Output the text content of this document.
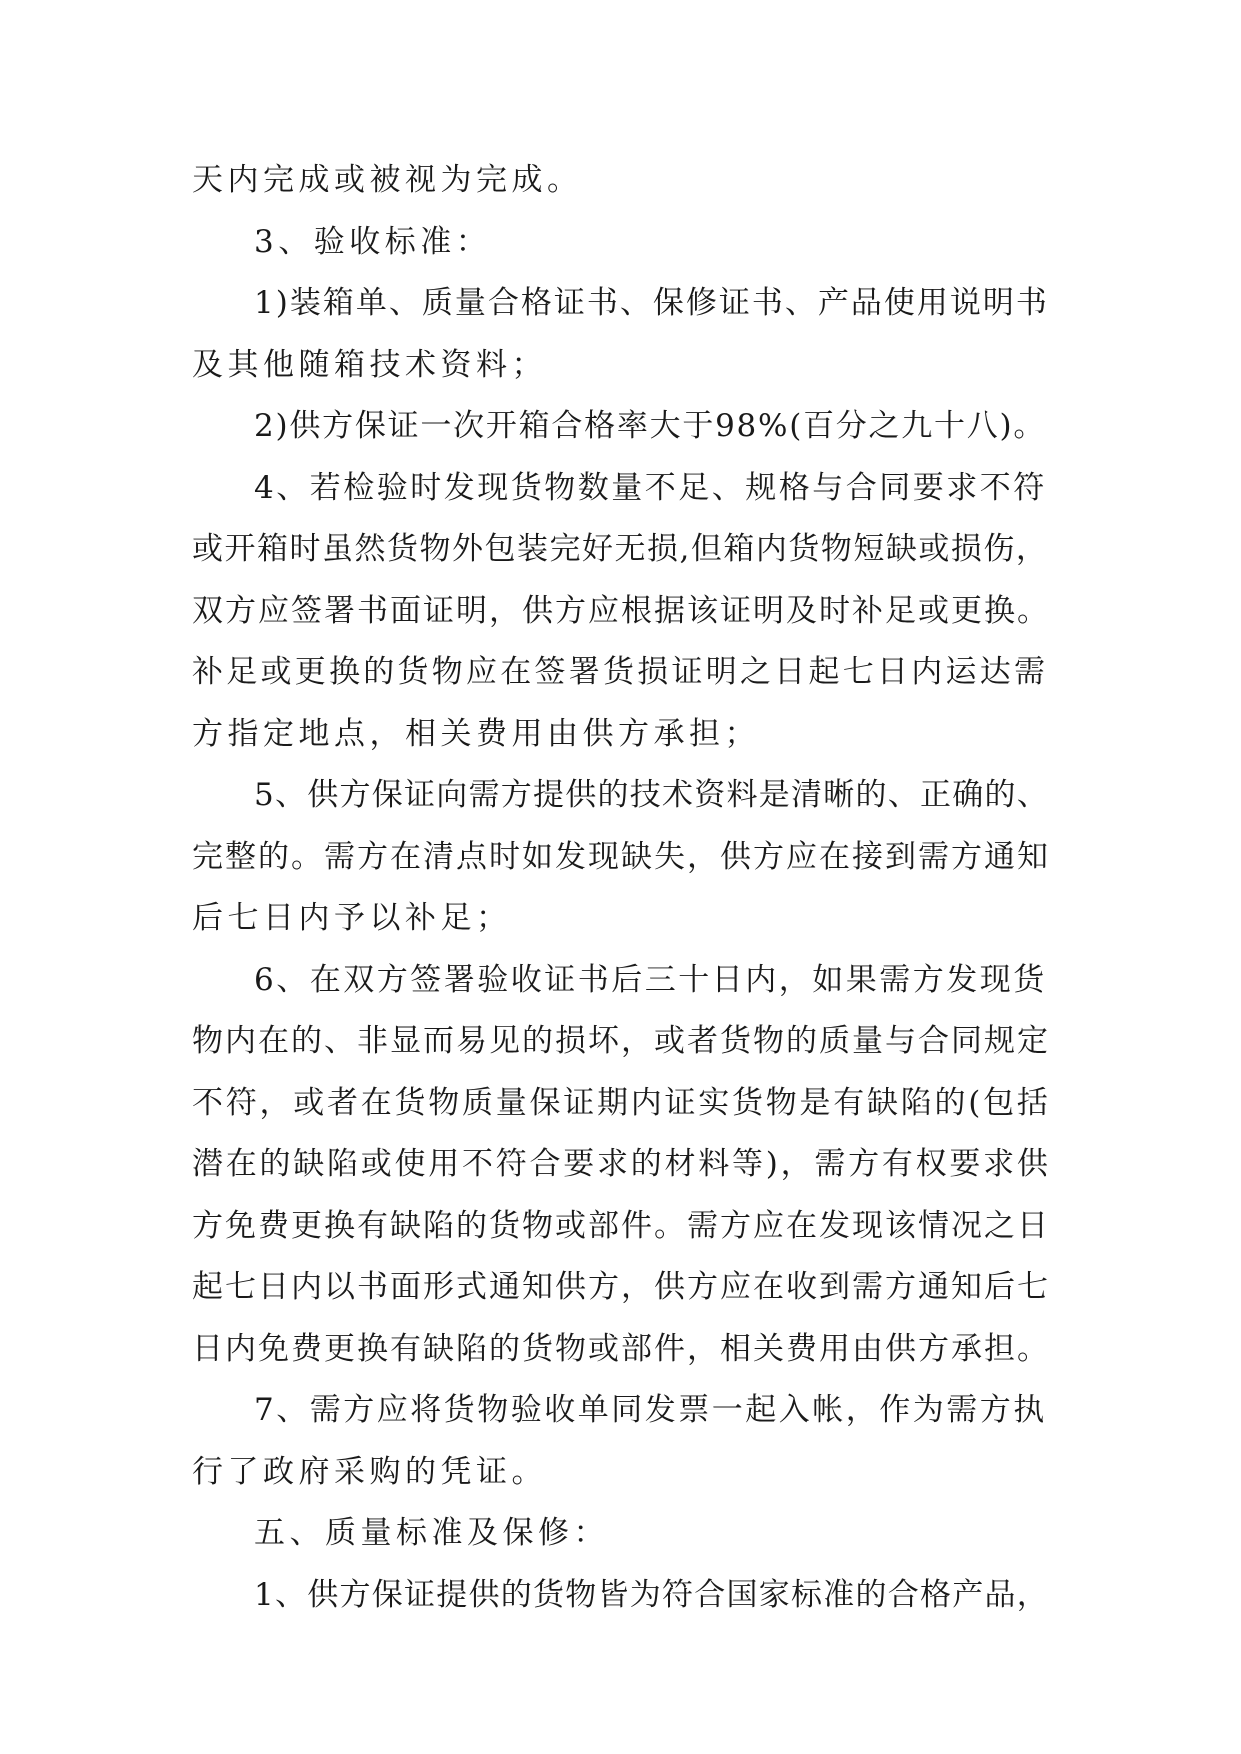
天内完成或被视为完成。
3、验收标准：
1)装箱单、质量合格证书、保修证书、产品使用说明书
及其他随箱技术资料；
2)供方保证一次开箱合格率大于98%(百分之九十八)。
4、若检验时发现货物数量不足、规格与合同要求不符
或开箱时虽然货物外包装完好无损,但箱内货物短缺或损伤，
双方应签署书面证明，供方应根据该证明及时补足或更换。
补足或更换的货物应在签署货损证明之日起七日内运达需
方指定地点，相关费用由供方承担；
5、供方保证向需方提供的技术资料是清晰的、正确的、
完整的。需方在清点时如发现缺失，供方应在接到需方通知
后七日内予以补足；
6、在双方签署验收证书后三十日内，如果需方发现货
物内在的、非显而易见的损坏，或者货物的质量与合同规定
不符，或者在货物质量保证期内证实货物是有缺陷的(包括
潜在的缺陷或使用不符合要求的材料等)，需方有权要求供
方免费更换有缺陷的货物或部件。需方应在发现该情况之日
起七日内以书面形式通知供方，供方应在收到需方通知后七
日内免费更换有缺陷的货物或部件，相关费用由供方承担。
7、需方应将货物验收单同发票一起入帐，作为需方执
行了政府采购的凭证。
五、质量标准及保修：
1、供方保证提供的货物皆为符合国家标准的合格产品，
